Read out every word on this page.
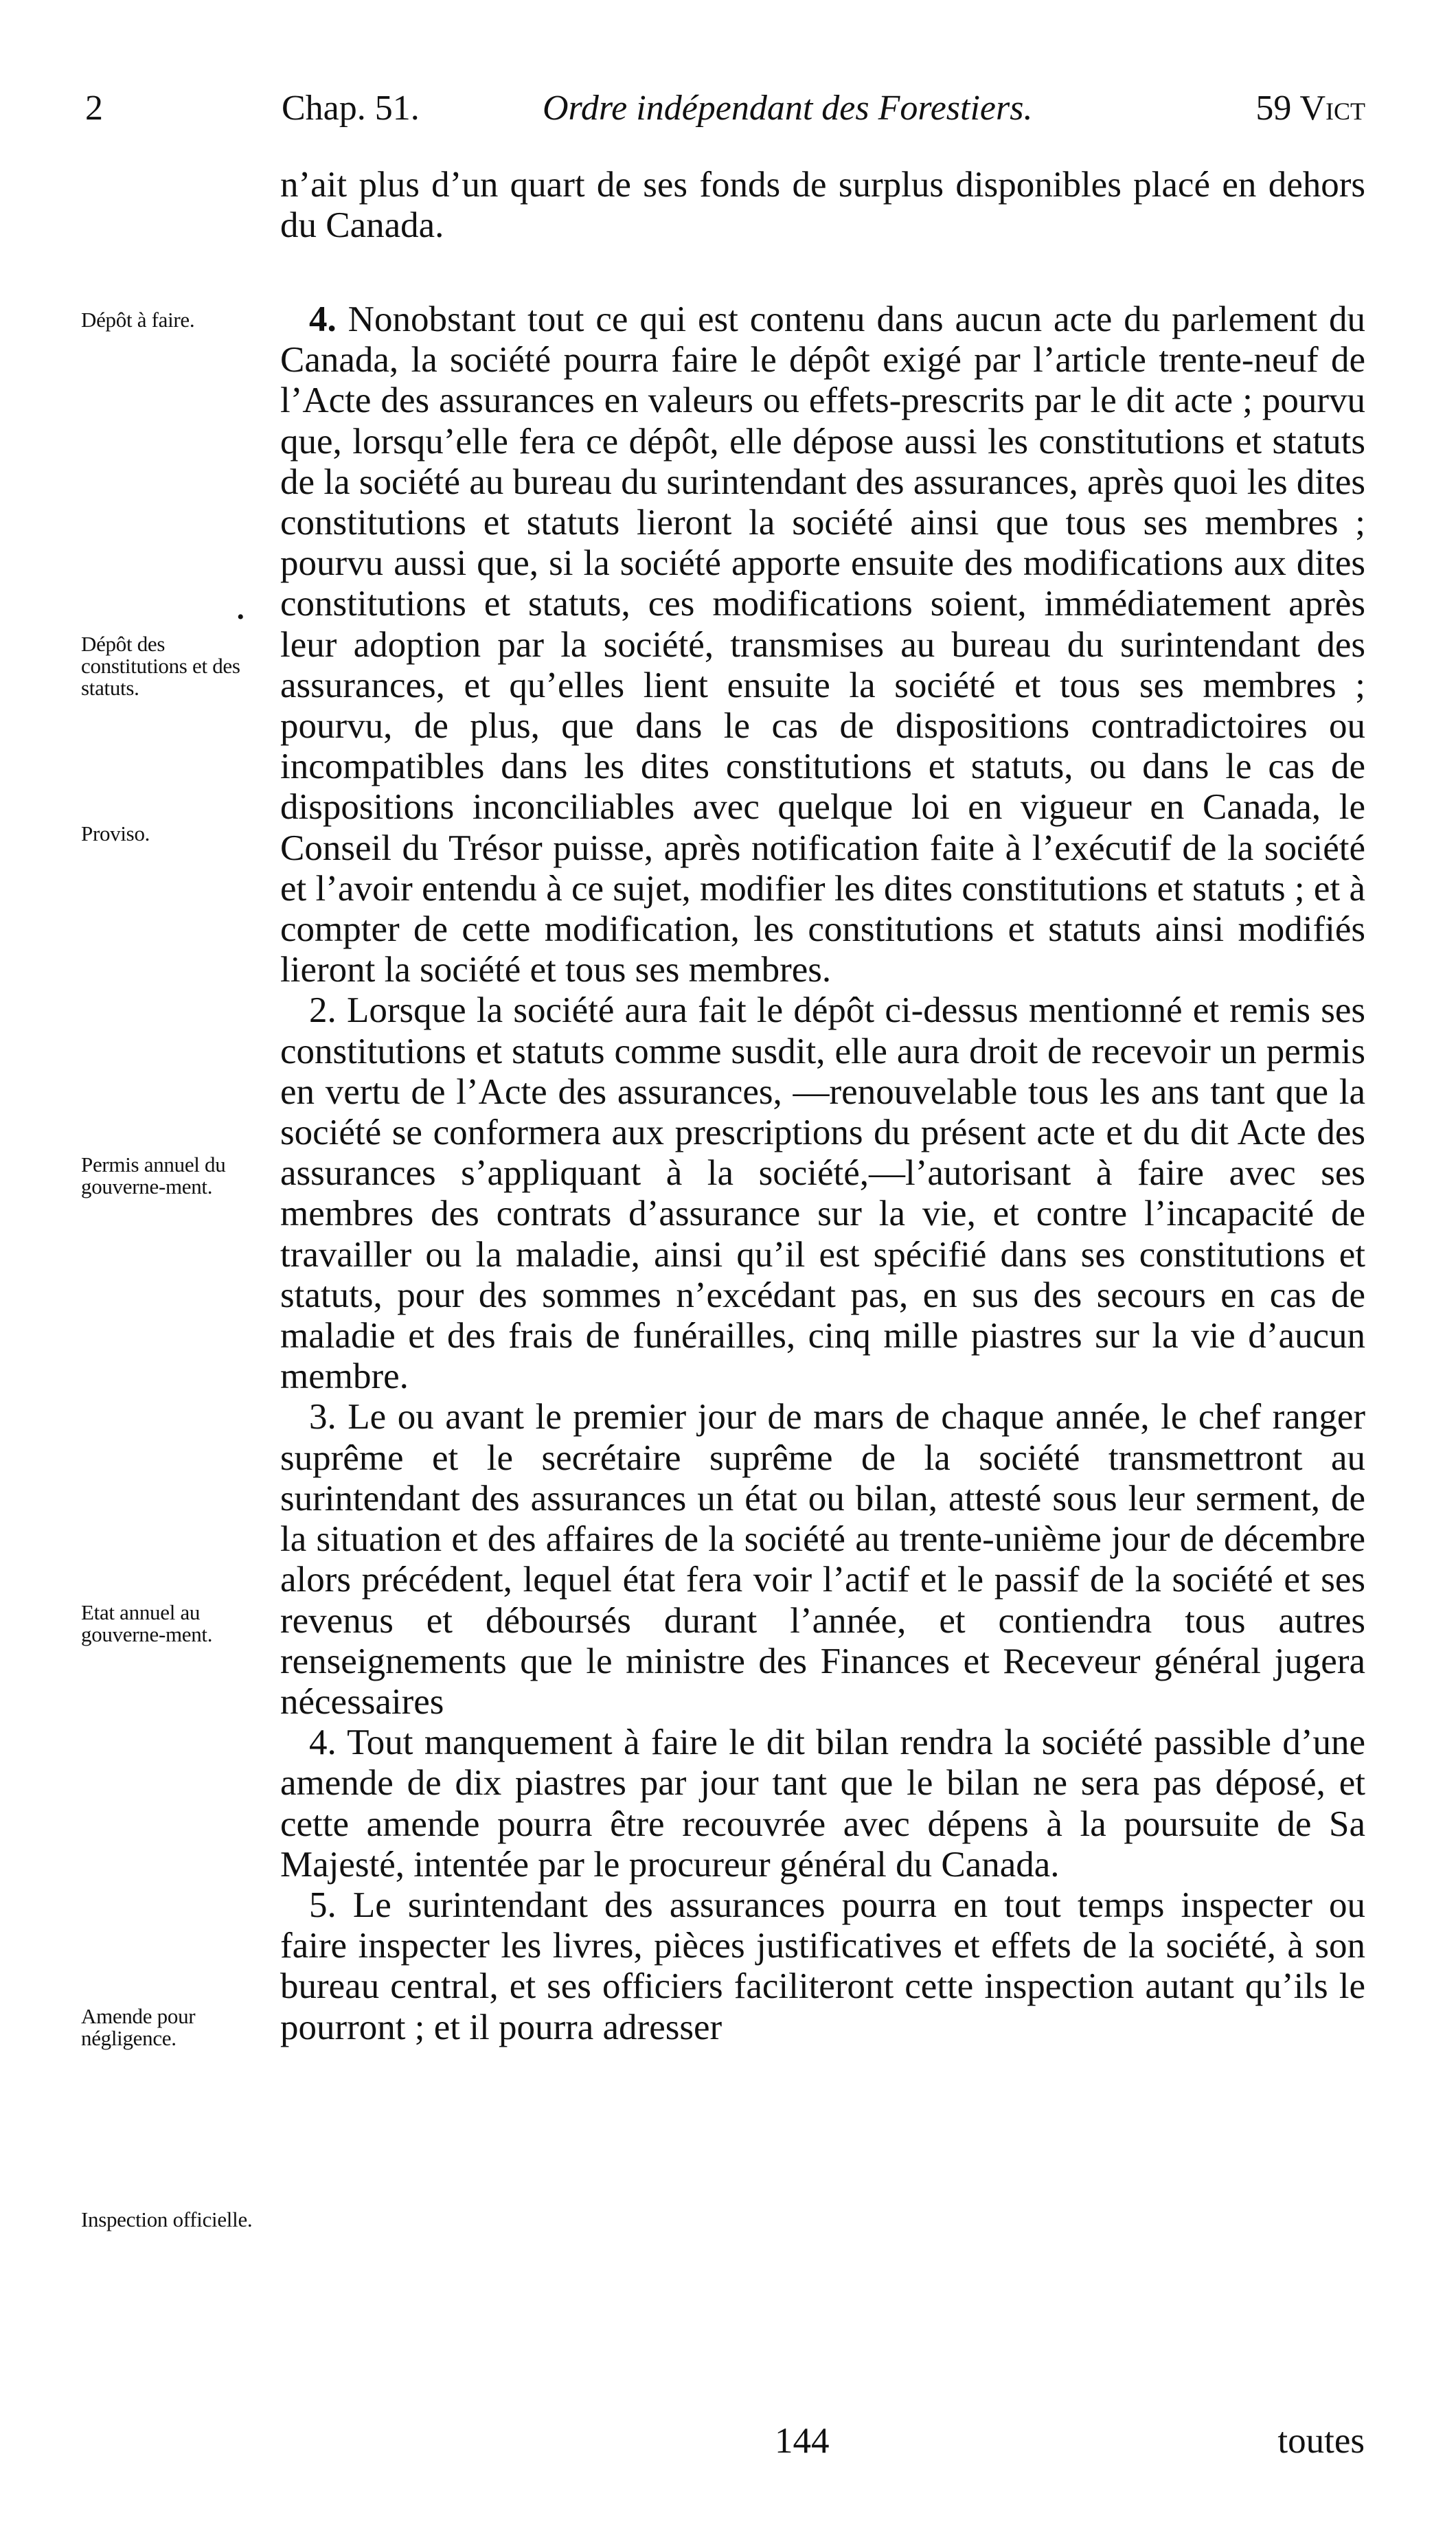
2	Chap. 51.	Ordre indépendant des Forestiers.	59 Vict

n’ait plus d’un quart de ses fonds de surplus disponibles placé en dehors du Canada.

4. Nonobstant tout ce qui est contenu dans aucun acte du parlement du Canada, la société pourra faire le dépôt exigé par l’article trente-neuf de l’Acte des assurances en valeurs ou effets-prescrits par le dit acte ; pourvu que, lorsqu’elle fera ce dépôt, elle dépose aussi les constitutions et statuts de la société au bureau du surintendant des assurances, après quoi les dites constitutions et statuts lieront la société ainsi que tous ses membres ; pourvu aussi que, si la société apporte ensuite des modifications aux dites constitutions et statuts, ces modifications soient, immédiatement après leur adoption par la société, transmises au bureau du surintendant des assurances, et qu’elles lient ensuite la société et tous ses membres ; pourvu, de plus, que dans le cas de dispositions contradictoires ou incompatibles dans les dites constitutions et statuts, ou dans le cas de dispositions inconciliables avec quelque loi en vigueur en Canada, le Conseil du Trésor puisse, après notification faite à l’exécutif de la société et l’avoir entendu à ce sujet, modifier les dites constitutions et statuts ; et à compter de cette modification, les constitutions et statuts ainsi modifiés lieront la société et tous ses membres.

2. Lorsque la société aura fait le dépôt ci-dessus mentionné et remis ses constitutions et statuts comme susdit, elle aura droit de recevoir un permis en vertu de l’Acte des assurances, —renouvelable tous les ans tant que la société se conformera aux prescriptions du présent acte et du dit Acte des assurances s’appliquant à la société,—l’autorisant à faire avec ses membres des contrats d’assurance sur la vie, et contre l’incapacité de travailler ou la maladie, ainsi qu’il est spécifié dans ses constitutions et statuts, pour des sommes n’excédant pas, en sus des secours en cas de maladie et des frais de funérailles, cinq mille piastres sur la vie d’aucun membre.

3. Le ou avant le premier jour de mars de chaque année, le chef ranger suprême et le secrétaire suprême de la société transmettront au surintendant des assurances un état ou bilan, attesté sous leur serment, de la situation et des affaires de la société au trente-unième jour de décembre alors précédent, lequel état fera voir l’actif et le passif de la société et ses revenus et déboursés durant l’année, et contiendra tous autres renseignements que le ministre des Finances et Receveur général jugera nécessaires

4. Tout manquement à faire le dit bilan rendra la société passible d’une amende de dix piastres par jour tant que le bilan ne sera pas déposé, et cette amende pourra être recouvrée avec dépens à la poursuite de Sa Majesté, intentée par le procureur général du Canada.

5. Le surintendant des assurances pourra en tout temps inspecter ou faire inspecter les livres, pièces justificatives et effets de la société, à son bureau central, et ses officiers faciliteront cette inspection autant qu’ils le pourront ; et il pourra adresser

Dépôt à faire.
•
Dépôt des constitutions et des statuts.
Proviso.
Permis annuel du gouverne-ment.
Etat annuel au gouverne-ment.
Amende pour négligence.
Inspection officielle.
144	toutes
